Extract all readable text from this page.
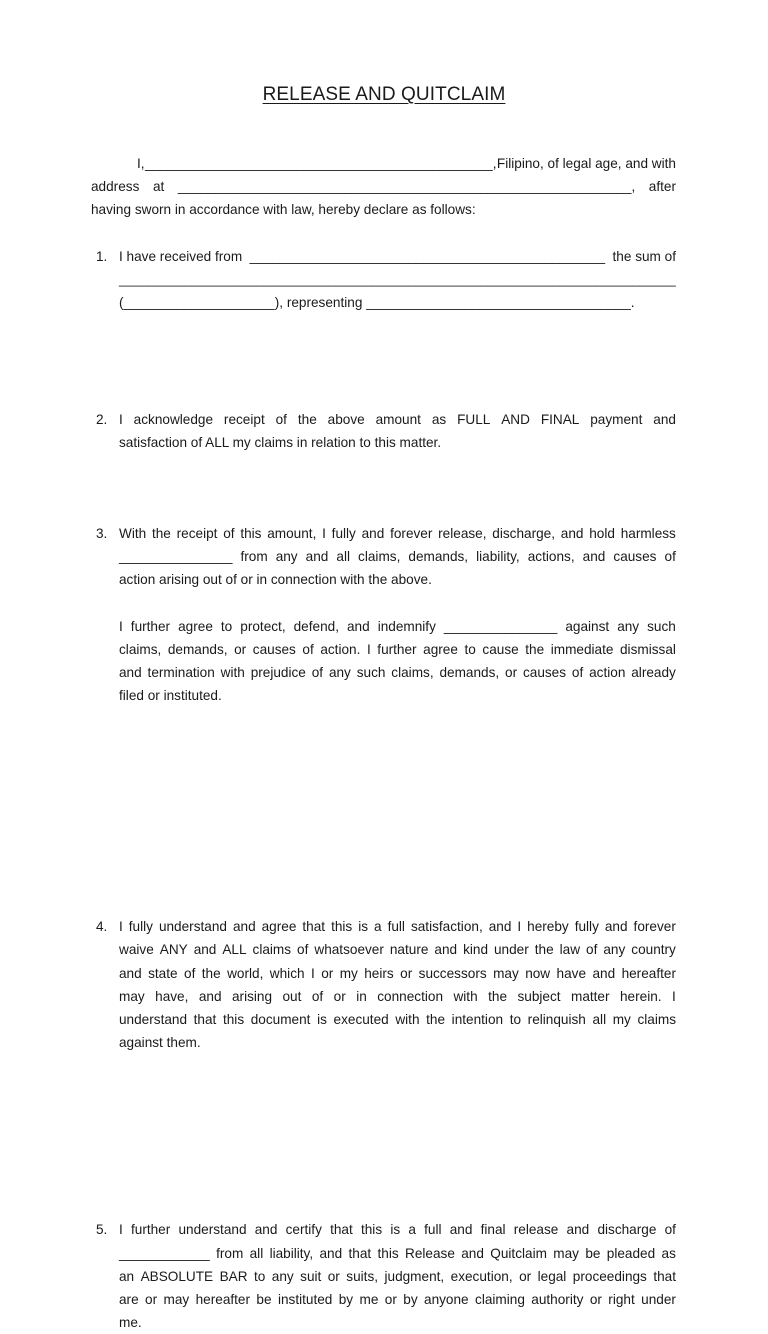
RELEASE AND QUITCLAIM
I, ______________________________________________, Filipino, of legal age, and with
address at ____________________________________________________________, after
having sworn in accordance with law, hereby declare as follows:
1. I have received from _______________________________________________ the sum of
_____________________________________________________________________________
(____________________), representing ___________________________________.
2. I acknowledge receipt of the above amount as FULL AND FINAL payment and
satisfaction of ALL my claims in relation to this matter.
3. With the receipt of this amount, I fully and forever release, discharge, and hold harmless
_______________ from any and all claims, demands, liability, actions, and causes of
action arising out of or in connection with the above.
I further agree to protect, defend, and indemnify _______________ against any such
claims, demands, or causes of action. I further agree to cause the immediate dismissal
and termination with prejudice of any such claims, demands, or causes of action already
filed or instituted.
4. I fully understand and agree that this is a full satisfaction, and I hereby fully and forever
waive ANY and ALL claims of whatsoever nature and kind under the law of any country
and state of the world, which I or my heirs or successors may now have and hereafter
may have, and arising out of or in connection with the subject matter herein. I
understand that this document is executed with the intention to relinquish all my claims
against them.
5. I further understand and certify that this is a full and final release and discharge of
____________ from all liability, and that this Release and Quitclaim may be pleaded as
an ABSOLUTE BAR to any suit or suits, judgment, execution, or legal proceedings that
are or may hereafter be instituted by me or by anyone claiming authority or right under
me.
